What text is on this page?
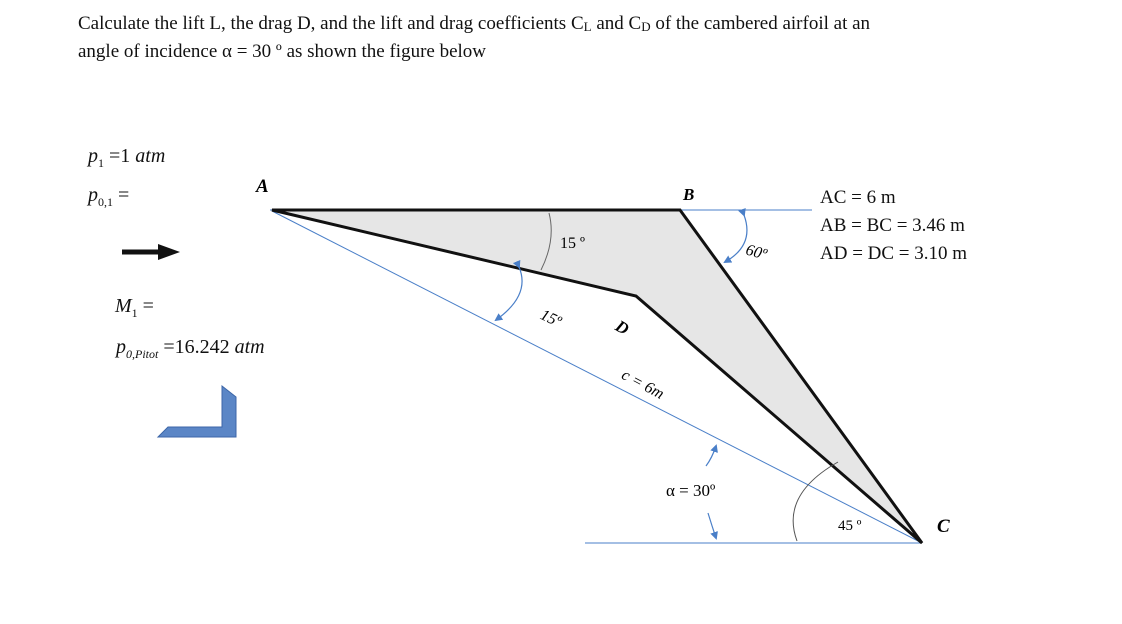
Calculate the lift L, the drag D, and the lift and drag coefficients CL and CD of the cambered airfoil at an

angle of incidence α = 30 º as shown the figure below

$p_1 =1$ atm
$p_{0,1}$ =
$M_1$ =
$p_{0,Pitot} =16.242$ atm
AC = 6 m
AB = BC = 3.46 m
AD = DC = 3.10 m
A	B
C
D
15 º
15º
60º
45 º
c = 6m
α = 30º
